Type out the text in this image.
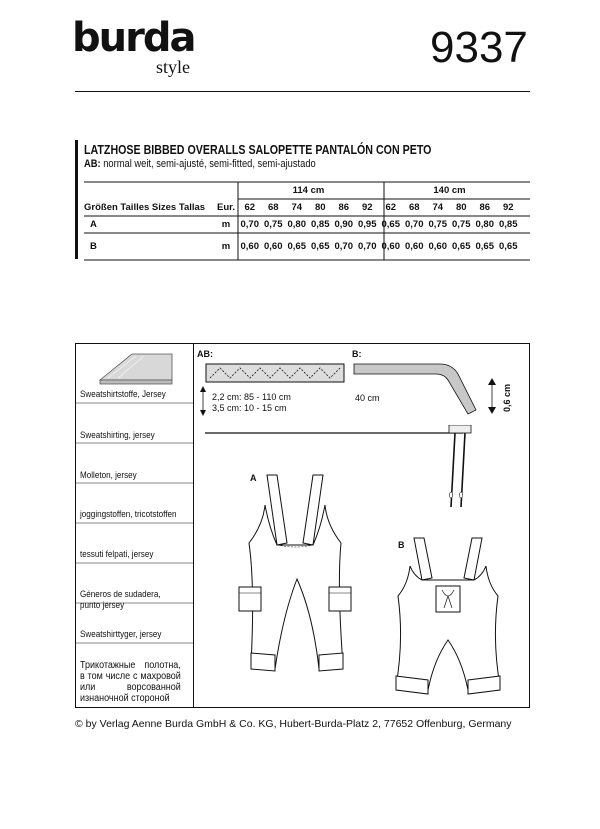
burda
style	9337
LATZHOSE BIBBED OVERALLS SALOPETTE PANTALÓN CON PETO
AB: normal weit, semi-ajusté, semi-fitted, semi-ajustado
		114 cm						140 cm					
Größen Tailles Sizes Tallas	Eur.	62	68	74	80	86	92	62	68	74	80	86	92
A	m	0,70	0,75	0,80	0,85	0,90	0,95	0,65	0,70	0,75	0,75	0,80	0,85
B	m	0,60	0,60	0,65	0,65	0,70	0,70	0,60	0,60	0,60	0,65	0,65	0,65
Sweatshirtstoffe, Jersey
Sweatshirting, jersey
Molleton, jersey
joggingstoffen, tricotstoffen
tessuti felpati, jersey
Géneros de sudadera, punto jersey
Sweatshirttyger, jersey
Трикотажные полотна, в том числе с махровой или ворсованной изнаночной стороной
AB:
2,2 cm: 85 - 110 cm
3,5 cm: 10 - 15 cm
B:
40 cm	0,6 cm
A
B
© by Verlag Aenne Burda GmbH & Co. KG, Hubert-Burda-Platz 2, 77652 Offenburg, Germany
